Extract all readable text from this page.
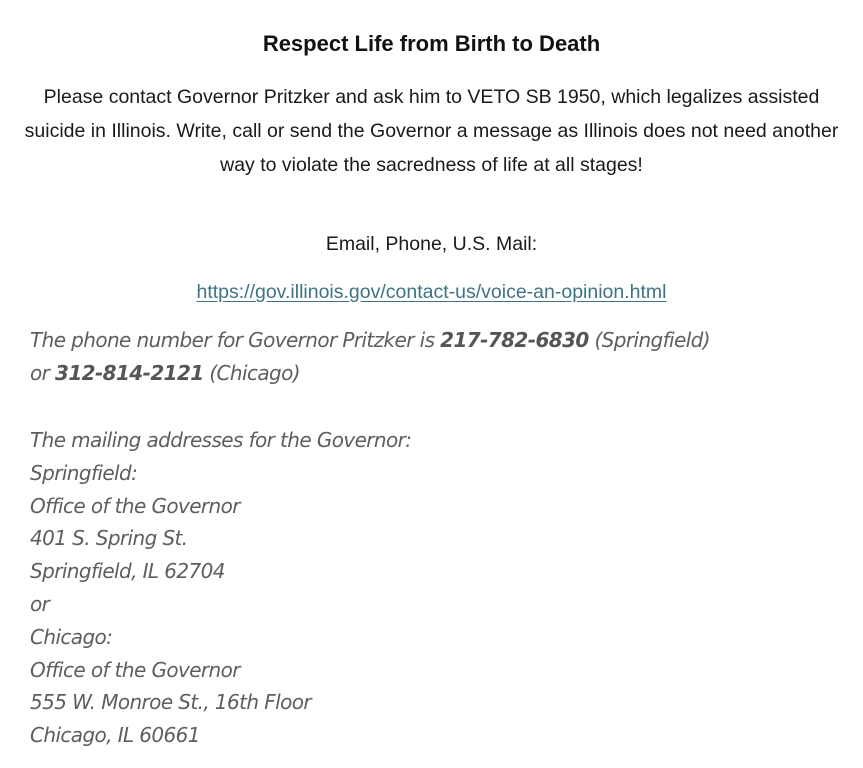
Respect Life from Birth to Death
Please contact Governor Pritzker and ask him to VETO SB 1950, which legalizes assisted suicide in Illinois. Write, call or send the Governor a message as Illinois does not need another way to violate the sacredness of life at all stages!
Email, Phone, U.S. Mail:
https://gov.illinois.gov/contact-us/voice-an-opinion.html
The phone number for Governor Pritzker is 217-782-6830 (Springfield)
or 312-814-2121 (Chicago)
The mailing addresses for the Governor:
Springfield:
Office of the Governor
401 S. Spring St.
Springfield, IL 62704
or
Chicago:
Office of the Governor
555 W. Monroe St., 16th Floor
Chicago, IL 60661
